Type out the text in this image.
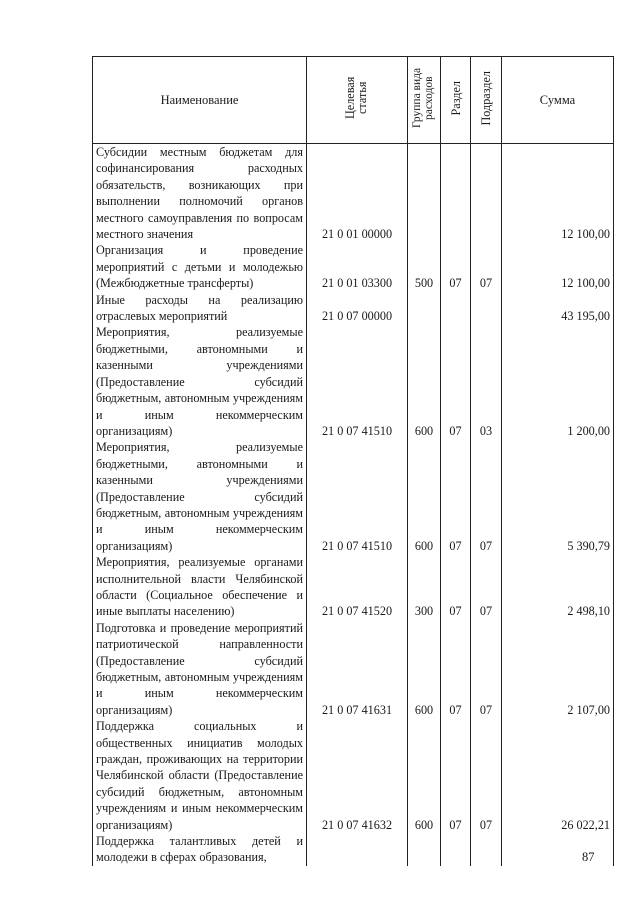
Наименование	Целевая статья	Группа вида расходов	Раздел	Подраздел	Сумма
Субсидии местным бюджетам для софинансирования расходных обязательств, возникающих при выполнении полномочий органов местного самоуправления по вопросам местного значения	21 0 01 00000				12 100,00
Организация и проведение мероприятий с детьми и молодежью (Межбюджетные трансферты)	21 0 01 03300	500	07	07	12 100,00
Иные расходы на реализацию отраслевых мероприятий	21 0 07 00000				43 195,00
Мероприятия, реализуемые бюджетными, автономными и казенными учреждениями (Предоставление субсидий бюджетным, автономным учреждениям и иным некоммерческим организациям)	21 0 07 41510	600	07	03	1 200,00
Мероприятия, реализуемые бюджетными, автономными и казенными учреждениями (Предоставление субсидий бюджетным, автономным учреждениям и иным некоммерческим организациям)	21 0 07 41510	600	07	07	5 390,79
Мероприятия, реализуемые органами исполнительной власти Челябинской области (Социальное обеспечение и иные выплаты населению)	21 0 07 41520	300	07	07	2 498,10
Подготовка и проведение мероприятий патриотической направленности (Предоставление субсидий бюджетным, автономным учреждениям и иным некоммерческим организациям)	21 0 07 41631	600	07	07	2 107,00
Поддержка социальных и общественных инициатив молодых граждан, проживающих на территории Челябинской области (Предоставление субсидий бюджетным, автономным учреждениям и иным некоммерческим организациям)	21 0 07 41632	600	07	07	26 022,21
Поддержка талантливых детей и молодежи в сферах образования,						87
